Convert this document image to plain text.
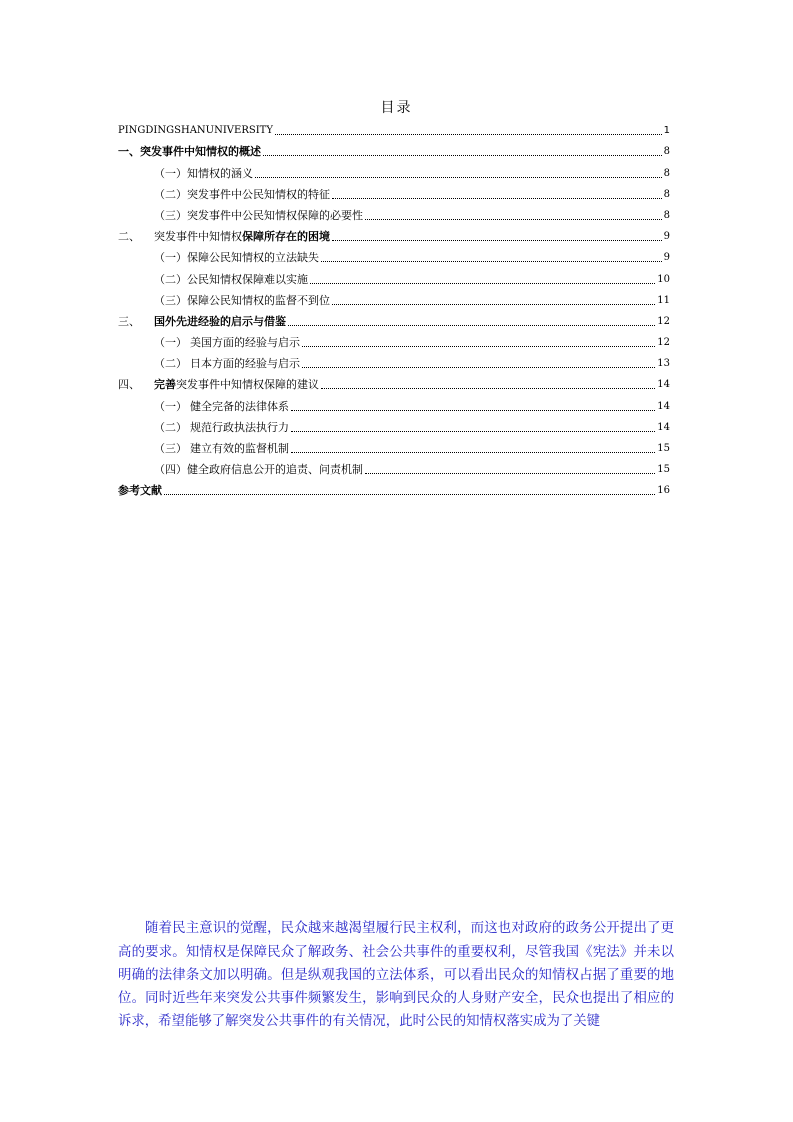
目录
PINGDINGSHANUNIVERSITY	1
一、突发事件中知情权的概述	8
（一）知情权的涵义	8
（二）突发事件中公民知情权的特征	8
（三）突发事件中公民知情权保障的必要性	8
二、 突发事件中知情权保障所存在的困境	9
（一）保障公民知情权的立法缺失	9
（二）公民知情权保障难以实施	10
（三）保障公民知情权的监督不到位	11
三、 国外先进经验的启示与借鉴	12
（一） 美国方面的经验与启示	12
（二） 日本方面的经验与启示	13
四、 完善突发事件中知情权保障的建议	14
（一） 健全完备的法律体系	14
（二） 规范行政执法执行力	14
（三） 建立有效的监督机制	15
（四）健全政府信息公开的追责、问责机制	15
参考文献	16

随着民主意识的觉醒，民众越来越渴望履行民主权利，而这也对政府的政务公开提出了更高的要求。知情权是保障民众了解政务、社会公共事件的重要权利，尽管我国《宪法》并未以明确的法律条文加以明确。但是纵观我国的立法体系，可以看出民众的知情权占据了重要的地位。同时近些年来突发公共事件频繁发生，影响到民众的人身财产安全，民众也提出了相应的诉求，希望能够了解突发公共事件的有关情况，此时公民的知情权落实成为了关键
